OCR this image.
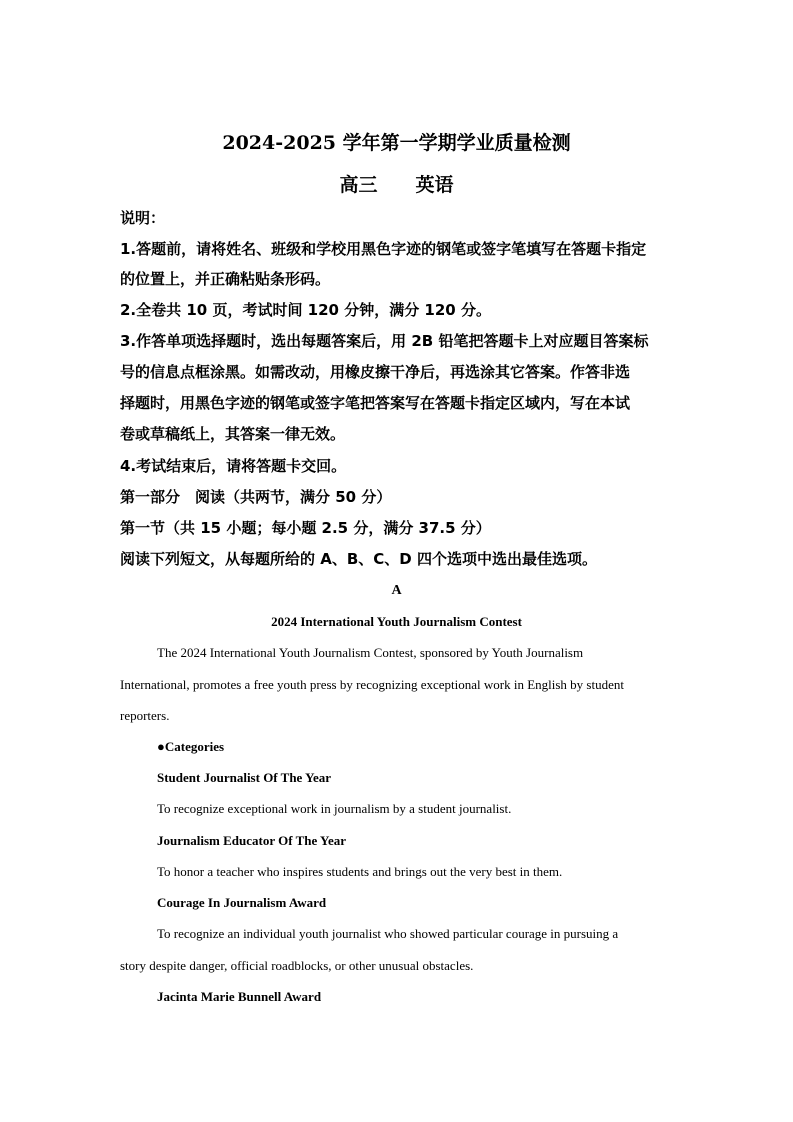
2024-2025 学年第一学期学业质量检测
高三 英语
说明：
1.答题前，请将姓名、班级和学校用黑色字迹的钢笔或签字笔填写在答题卡指定
的位置上，并正确粘贴条形码。
2.全卷共 10 页，考试时间 120 分钟，满分 120 分。
3.作答单项选择题时，选出每题答案后，用 2B 铅笔把答题卡上对应题目答案标
号的信息点框涂黑。如需改动，用橡皮擦干净后，再选涂其它答案。作答非选
择题时，用黑色字迹的钢笔或签字笔把答案写在答题卡指定区域内，写在本试
卷或草稿纸上，其答案一律无效。
4.考试结束后，请将答题卡交回。
第一部分　阅读（共两节，满分 50 分）
第一节（共 15 小题；每小题 2.5 分，满分 37.5 分）
阅读下列短文，从每题所给的 A、B、C、D 四个选项中选出最佳选项。
A
2024 International Youth Journalism Contest
The 2024 International Youth Journalism Contest, sponsored by Youth Journalism
International, promotes a free youth press by recognizing exceptional work in English by student
reporters.
●Categories
Student Journalist Of The Year
To recognize exceptional work in journalism by a student journalist.
Journalism Educator Of The Year
To honor a teacher who inspires students and brings out the very best in them.
Courage In Journalism Award
To recognize an individual youth journalist who showed particular courage in pursuing a
story despite danger, official roadblocks, or other unusual obstacles.
Jacinta Marie Bunnell Award
